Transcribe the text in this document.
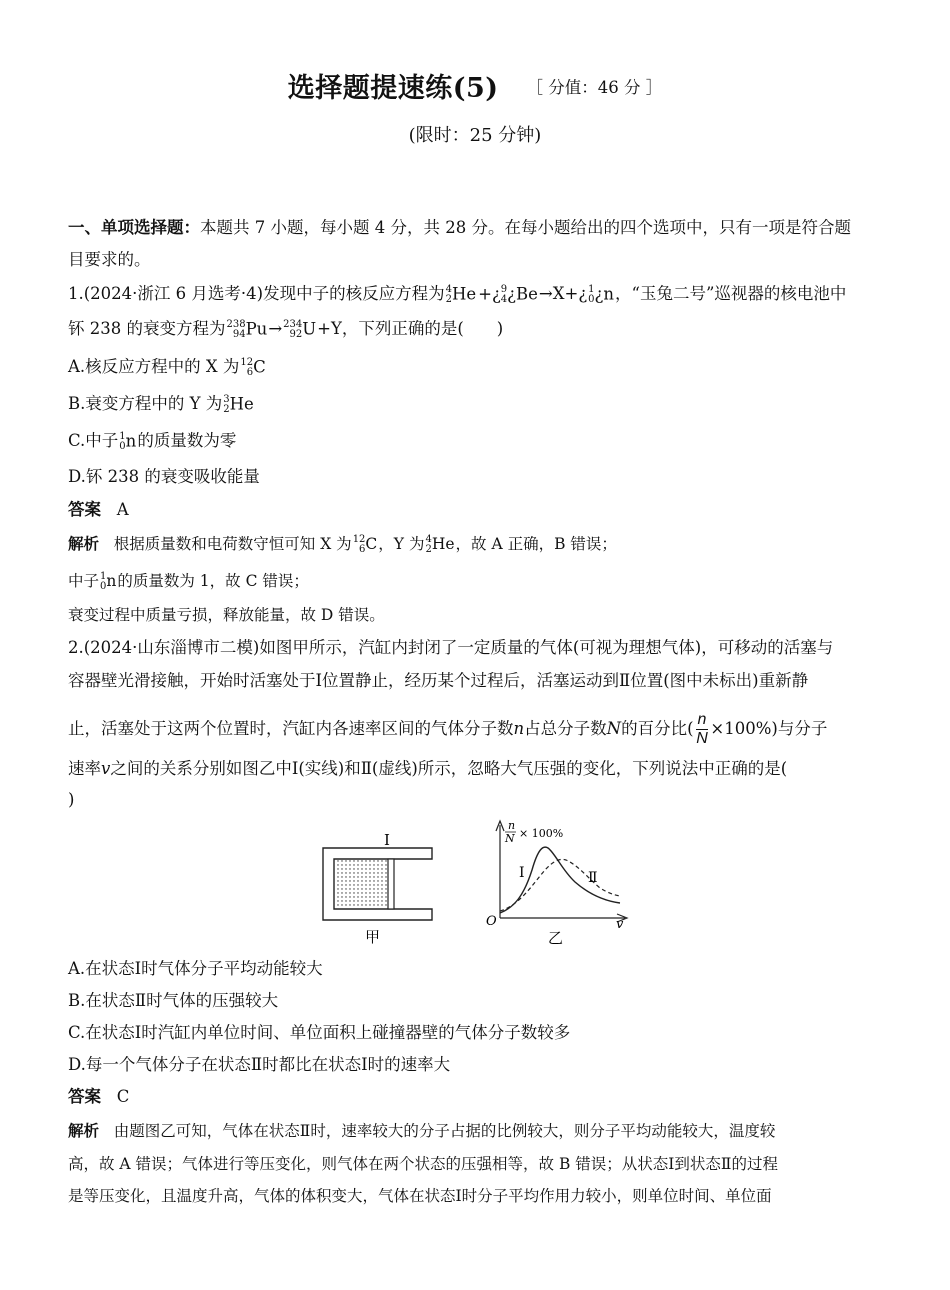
选择题提速练(5) ［ 分值：46 分 ］
(限时：25 分钟)
一、单项选择题：本题共 7 小题，每小题 4 分，共 28 分。在每小题给出的四个选项中，只有一项是符合题
目要求的。
1.(2024·浙江 6 月选考·4)发现中子的核反应方程为 4
2 He +¿ 9
4 ¿Be→X+¿ 1
0 ¿n，“玉兔二号”巡视器的核电池中
钚 238 的衰变方程为 238
94 Pu→ 234
92 U+Y，下列正确的是(　　)
A.核反应方程中的 X 为 12
6 C
B.衰变方程中的 Y 为 3
2 He
C.中子 1
0 n的质量数为零
D.钚 238 的衰变吸收能量
答案 A
解析 根据质量数和电荷数守恒可知 X 为 12
6 C，Y 为 4
2 He，故 A 正确，B 错误；
中子 1
0 n的质量数为 1，故 C 错误；
衰变过程中质量亏损，释放能量，故 D 错误。
2.(2024·山东淄博市二模)如图甲所示，汽缸内封闭了一定质量的气体(可视为理想气体)，可移动的活塞与
容器壁光滑接触，开始时活塞处于Ⅰ位置静止，经历某个过程后，活塞运动到Ⅱ位置(图中未标出)重新静
止，活塞处于这两个位置时，汽缸内各速率区间的气体分子数n占总分子数N的百分比( $\frac{n}{N} \times 100\%$)与分子
速率v之间的关系分别如图乙中Ⅰ(实线)和Ⅱ(虚线)所示，忽略大气压强的变化，下列说法中正确的是(
)
Ⅰ
甲
n
N × 100%
Ⅰ	Ⅱ
O	v
乙
A.在状态Ⅰ时气体分子平均动能较大
B.在状态Ⅱ时气体的压强较大
C.在状态Ⅰ时汽缸内单位时间、单位面积上碰撞器壁的气体分子数较多
D.每一个气体分子在状态Ⅱ时都比在状态Ⅰ时的速率大
答案 C
解析 由题图乙可知，气体在状态Ⅱ时，速率较大的分子占据的比例较大，则分子平均动能较大，温度较
高，故 A 错误；气体进行等压变化，则气体在两个状态的压强相等，故 B 错误；从状态Ⅰ到状态Ⅱ的过程
是等压变化，且温度升高，气体的体积变大，气体在状态Ⅰ时分子平均作用力较小，则单位时间、单位面
